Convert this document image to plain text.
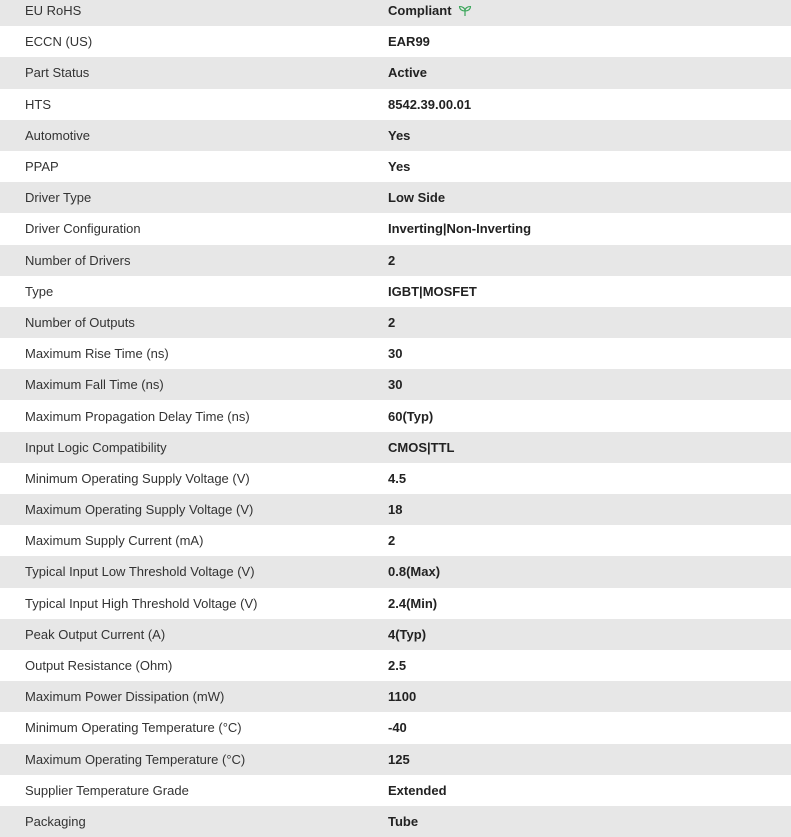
EU RoHS	Compliant
ECCN (US)	EAR99
Part Status	Active
HTS	8542.39.00.01
Automotive	Yes
PPAP	Yes
Driver Type	Low Side
Driver Configuration	Inverting|Non-Inverting
Number of Drivers	2
Type	IGBT|MOSFET
Number of Outputs	2
Maximum Rise Time (ns)	30
Maximum Fall Time (ns)	30
Maximum Propagation Delay Time (ns)	60(Typ)
Input Logic Compatibility	CMOS|TTL
Minimum Operating Supply Voltage (V)	4.5
Maximum Operating Supply Voltage (V)	18
Maximum Supply Current (mA)	2
Typical Input Low Threshold Voltage (V)	0.8(Max)
Typical Input High Threshold Voltage (V)	2.4(Min)
Peak Output Current (A)	4(Typ)
Output Resistance (Ohm)	2.5
Maximum Power Dissipation (mW)	1100
Minimum Operating Temperature (°C)	-40
Maximum Operating Temperature (°C)	125
Supplier Temperature Grade	Extended
Packaging	Tube
